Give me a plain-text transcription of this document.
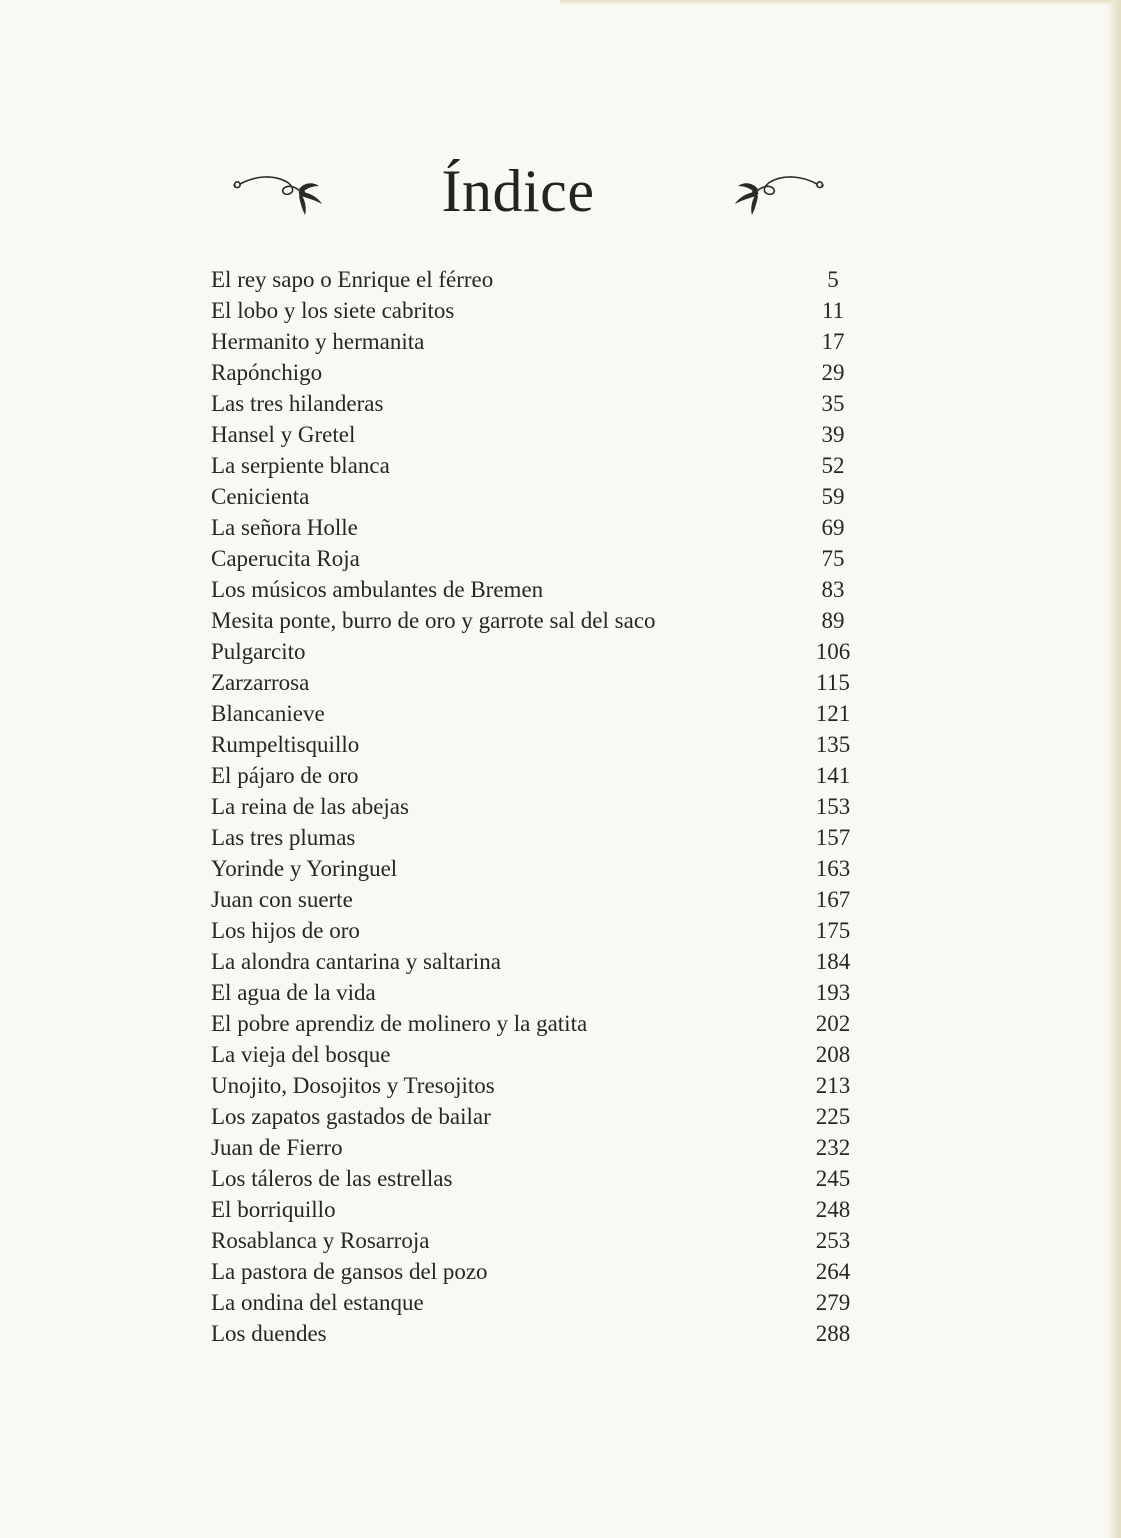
Índice
El rey sapo o Enrique el férreo	5
El lobo y los siete cabritos	11
Hermanito y hermanita	17
Rapónchigo	29
Las tres hilanderas	35
Hansel y Gretel	39
La serpiente blanca	52
Cenicienta	59
La señora Holle	69
Caperucita Roja	75
Los músicos ambulantes de Bremen	83
Mesita ponte, burro de oro y garrote sal del saco	89
Pulgarcito	106
Zarzarrosa	115
Blancanieve	121
Rumpeltisquillo	135
El pájaro de oro	141
La reina de las abejas	153
Las tres plumas	157
Yorinde y Yoringuel	163
Juan con suerte	167
Los hijos de oro	175
La alondra cantarina y saltarina	184
El agua de la vida	193
El pobre aprendiz de molinero y la gatita	202
La vieja del bosque	208
Unojito, Dosojitos y Tresojitos	213
Los zapatos gastados de bailar	225
Juan de Fierro	232
Los táleros de las estrellas	245
El borriquillo	248
Rosablanca y Rosarroja	253
La pastora de gansos del pozo	264
La ondina del estanque	279
Los duendes	288
